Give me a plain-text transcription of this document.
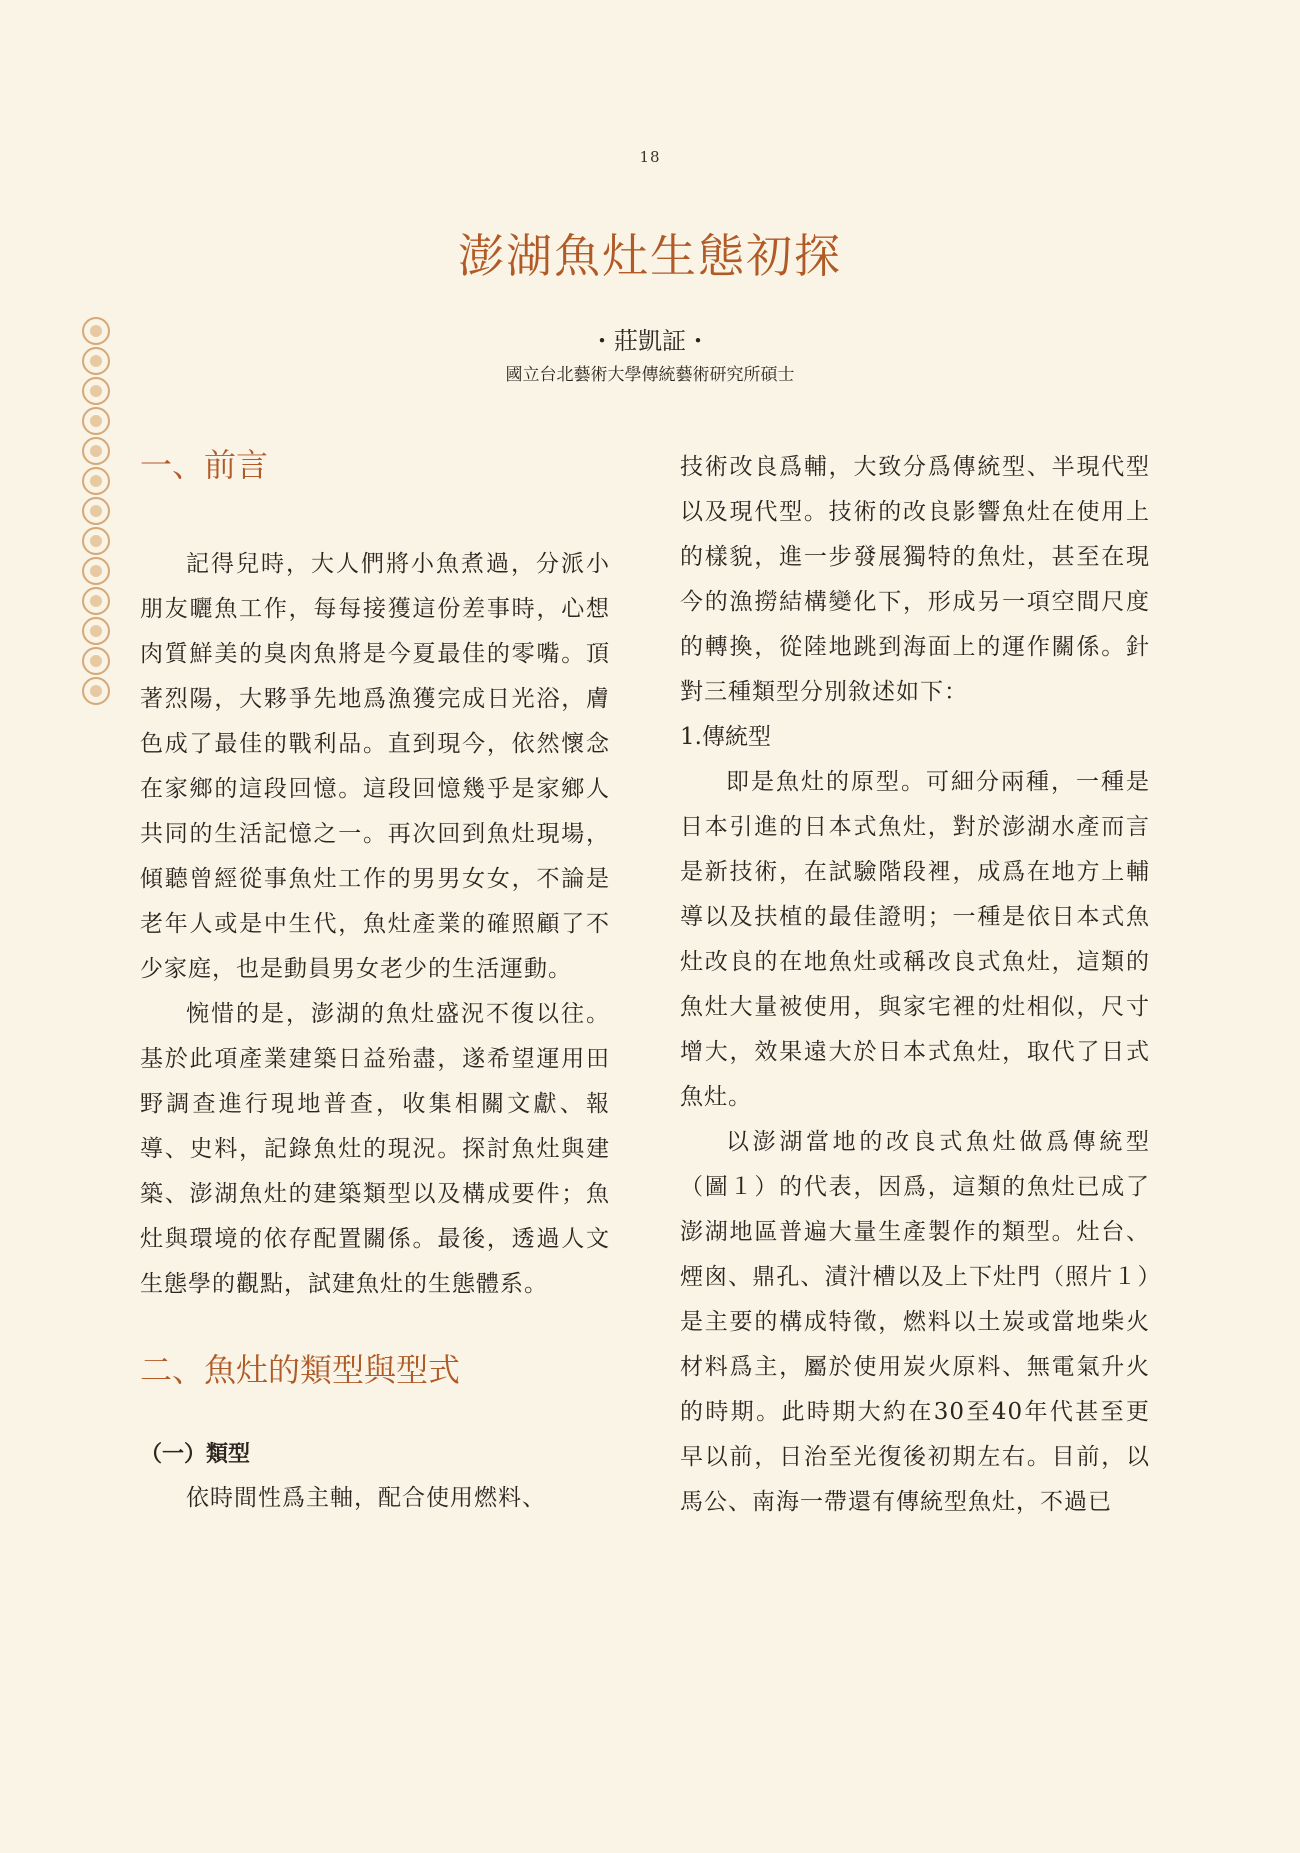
18
澎湖魚灶生態初探
・莊凱証・
國立台北藝術大學傳統藝術研究所碩士
一、前言

記得兒時，大人們將小魚煮過，分派小朋友曬魚工作，每每接獲這份差事時，心想肉質鮮美的臭肉魚將是今夏最佳的零嘴。頂著烈陽，大夥爭先地爲漁獲完成日光浴，膚色成了最佳的戰利品。直到現今，依然懷念在家鄉的這段回憶。這段回憶幾乎是家鄉人共同的生活記憶之一。再次回到魚灶現場，傾聽曾經從事魚灶工作的男男女女，不論是老年人或是中生代，魚灶產業的確照顧了不少家庭，也是動員男女老少的生活運動。

惋惜的是，澎湖的魚灶盛況不復以往。基於此項產業建築日益殆盡，遂希望運用田野調查進行現地普查，收集相關文獻、報導、史料，記錄魚灶的現況。探討魚灶與建築、澎湖魚灶的建築類型以及構成要件；魚灶與環境的依存配置關係。最後，透過人文生態學的觀點，試建魚灶的生態體系。

二、魚灶的類型與型式
（一）類型

依時間性爲主軸，配合使用燃料、

技術改良爲輔，大致分爲傳統型、半現代型以及現代型。技術的改良影響魚灶在使用上的樣貌，進一步發展獨特的魚灶，甚至在現今的漁撈結構變化下，形成另一項空間尺度的轉換，從陸地跳到海面上的運作關係。針對三種類型分別敘述如下：

1.傳統型

即是魚灶的原型。可細分兩種，一種是日本引進的日本式魚灶，對於澎湖水產而言是新技術，在試驗階段裡，成爲在地方上輔導以及扶植的最佳證明；一種是依日本式魚灶改良的在地魚灶或稱改良式魚灶，這類的魚灶大量被使用，與家宅裡的灶相似，尺寸增大，效果遠大於日本式魚灶，取代了日式魚灶。

以澎湖當地的改良式魚灶做爲傳統型（圖１）的代表，因爲，這類的魚灶已成了澎湖地區普遍大量生產製作的類型。灶台、煙囪、鼎孔、漬汁槽以及上下灶門（照片１）是主要的構成特徵，燃料以土炭或當地柴火材料爲主，屬於使用炭火原料、無電氣升火的時期。此時期大約在30至40年代甚至更早以前，日治至光復後初期左右。目前，以馬公、南海一帶還有傳統型魚灶，不過已
